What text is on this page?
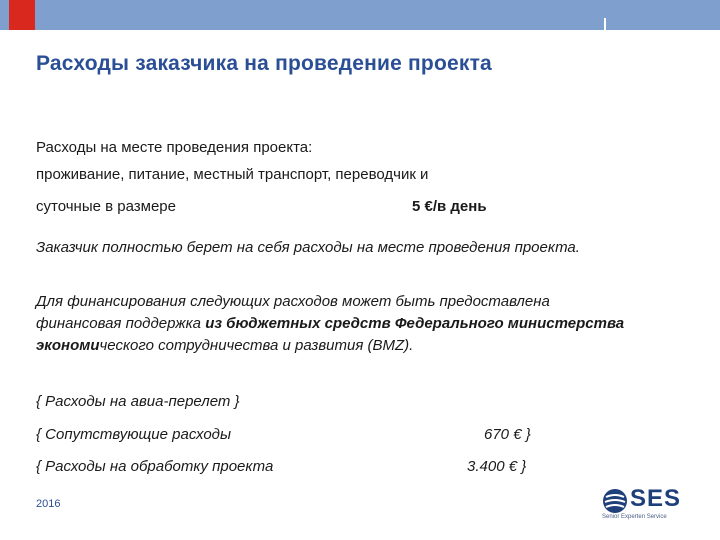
Расходы заказчика на проведение проекта

Расходы на месте проведения проекта:

проживание, питание, местный транспорт, переводчик и

суточные в размере	5 €/в день

Заказчик полностью берет на себя расходы на месте проведения проекта.

Для финансирования следующих расходов может быть предоставлена финансовая поддержка из бюджетных средств Федерального министерства экономического сотрудничества и развития (BMZ).

{ Расходы на авиа-перелет }

{ Сопутствующие расходы	670 € }

{ Расходы на обработку проекта	3.400 € }

2016	SES
Senior Experten Service
